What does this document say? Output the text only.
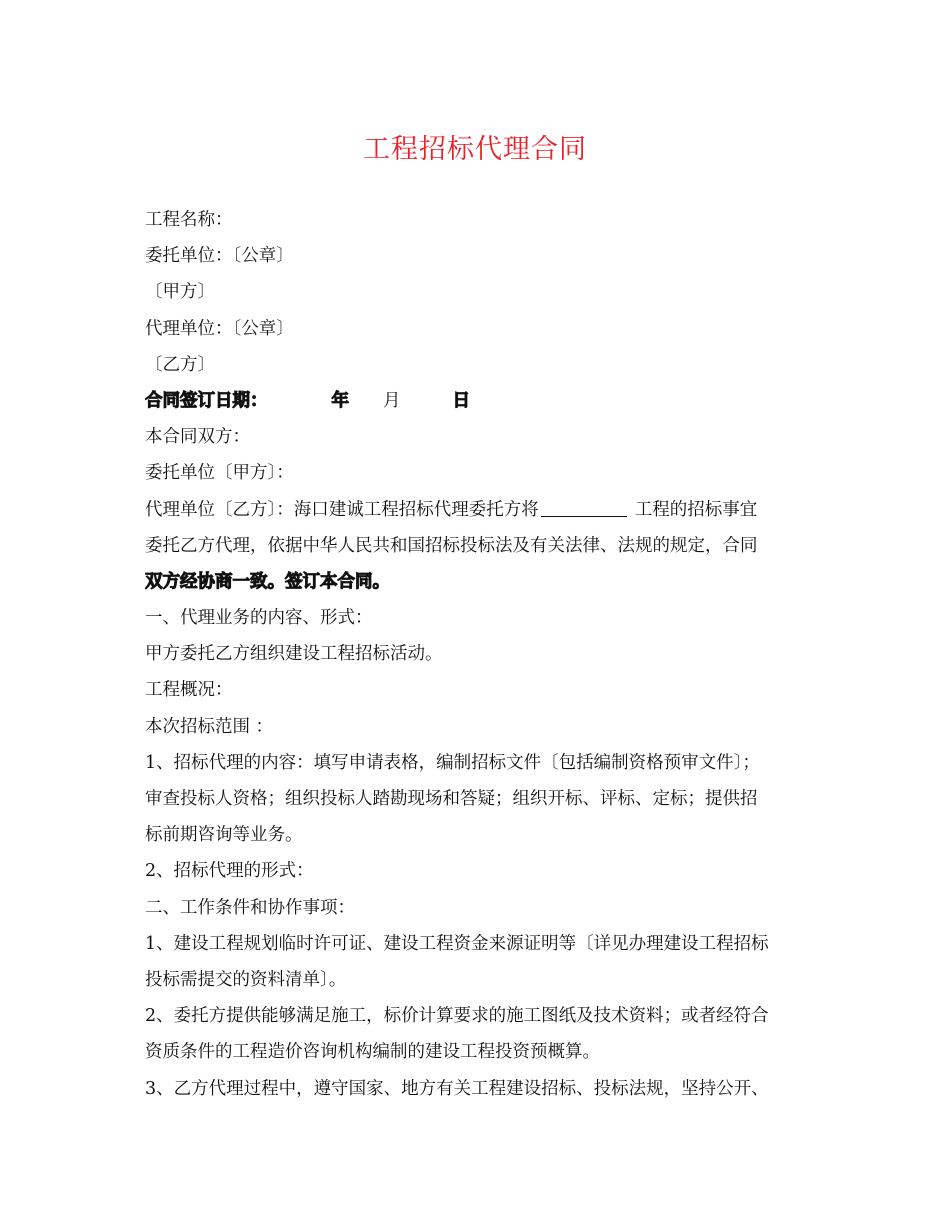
工程招标代理合同
工程名称：
委托单位：〔公章〕
〔甲方〕
代理单位：〔公章〕
〔乙方〕
合同签订日期：	年 月	日
本合同双方：
委托单位〔甲方〕：
代理单位〔乙方〕：海口建诚工程招标代理委托方将	工程的招标事宜
委托乙方代理，依据中华人民共和国招标投标法及有关法律、法规的规定，合同
双方经协商一致。签订本合同。
一、代理业务的内容、形式：
甲方委托乙方组织建设工程招标活动。
工程概况：
本次招标范围 ：
1、招标代理的内容：填写申请表格，编制招标文件〔包括编制资格预审文件〕；
审查投标人资格；组织投标人踏勘现场和答疑；组织开标、评标、定标；提供招
标前期咨询等业务。
2、招标代理的形式：
二、工作条件和协作事项：
1、建设工程规划临时许可证、建设工程资金来源证明等〔详见办理建设工程招标
投标需提交的资料清单〕。
2、委托方提供能够满足施工，标价计算要求的施工图纸及技术资料；或者经符合
资质条件的工程造价咨询机构编制的建设工程投资预概算。
3、乙方代理过程中，遵守国家、地方有关工程建设招标、投标法规，坚持公开、
